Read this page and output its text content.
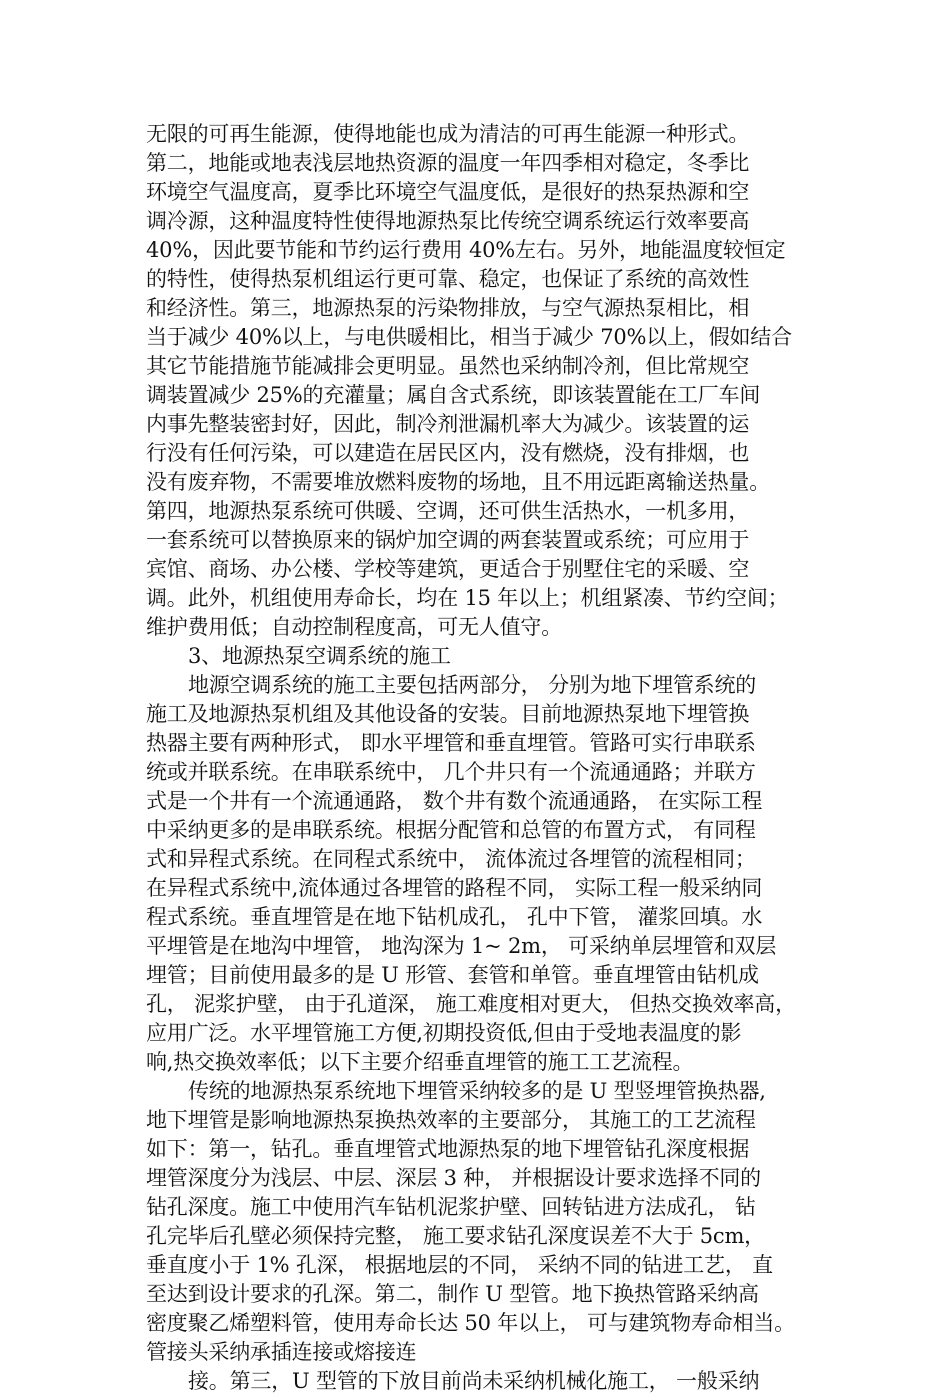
无限的可再生能源，使得地能也成为清洁的可再生能源一种形式。
第二，地能或地表浅层地热资源的温度一年四季相对稳定，冬季比
环境空气温度高，夏季比环境空气温度低，是很好的热泵热源和空
调冷源，这种温度特性使得地源热泵比传统空调系统运行效率要高
40%，因此要节能和节约运行费用 40%左右。另外，地能温度较恒定
的特性，使得热泵机组运行更可靠、稳定，也保证了系统的高效性
和经济性。第三，地源热泵的污染物排放，与空气源热泵相比，相
当于减少 40%以上，与电供暖相比，相当于减少 70%以上，假如结合
其它节能措施节能减排会更明显。虽然也采纳制冷剂，但比常规空
调装置减少 25%的充灌量；属自含式系统，即该装置能在工厂车间
内事先整装密封好，因此，制冷剂泄漏机率大为减少。该装置的运
行没有任何污染，可以建造在居民区内，没有燃烧，没有排烟，也
没有废弃物，不需要堆放燃料废物的场地，且不用远距离输送热量。
第四，地源热泵系统可供暖、空调，还可供生活热水，一机多用，
一套系统可以替换原来的锅炉加空调的两套装置或系统；可应用于
宾馆、商场、办公楼、学校等建筑，更适合于别墅住宅的采暖、空
调。此外，机组使用寿命长，均在 15 年以上；机组紧凑、节约空间；
维护费用低；自动控制程度高，可无人值守。
3、地源热泵空调系统的施工
地源空调系统的施工主要包括两部分， 分别为地下埋管系统的
施工及地源热泵机组及其他设备的安装。目前地源热泵地下埋管换
热器主要有两种形式， 即水平埋管和垂直埋管。管路可实行串联系
统或并联系统。在串联系统中， 几个井只有一个流通通路；并联方
式是一个井有一个流通通路， 数个井有数个流通通路， 在实际工程
中采纳更多的是串联系统。根据分配管和总管的布置方式， 有同程
式和异程式系统。在同程式系统中， 流体流过各埋管的流程相同；
在异程式系统中,流体通过各埋管的路程不同， 实际工程一般采纳同
程式系统。垂直埋管是在地下钻机成孔， 孔中下管， 灌浆回填。水
平埋管是在地沟中埋管， 地沟深为 1~ 2m， 可采纳单层埋管和双层
埋管；目前使用最多的是 U 形管、套管和单管。垂直埋管由钻机成
孔， 泥浆护壁， 由于孔道深， 施工难度相对更大， 但热交换效率高，
应用广泛。水平埋管施工方便,初期投资低,但由于受地表温度的影
响,热交换效率低；以下主要介绍垂直埋管的施工工艺流程。
传统的地源热泵系统地下埋管采纳较多的是 U 型竖埋管换热器,
地下埋管是影响地源热泵换热效率的主要部分， 其施工的工艺流程
如下：第一，钻孔。垂直埋管式地源热泵的地下埋管钻孔深度根据
埋管深度分为浅层、中层、深层 3 种， 并根据设计要求选择不同的
钻孔深度。施工中使用汽车钻机泥浆护壁、回转钻进方法成孔， 钻
孔完毕后孔壁必须保持完整， 施工要求钻孔深度误差不大于 5cm，
垂直度小于 1% 孔深， 根据地层的不同， 采纳不同的钻进工艺， 直
至达到设计要求的孔深。第二，制作 U 型管。地下换热管路采纳高
密度聚乙烯塑料管，使用寿命长达 50 年以上， 可与建筑物寿命相当。
管接头采纳承插连接或熔接连
接。第三，U 型管的下放目前尚未采纳机械化施工， 一般采纳
